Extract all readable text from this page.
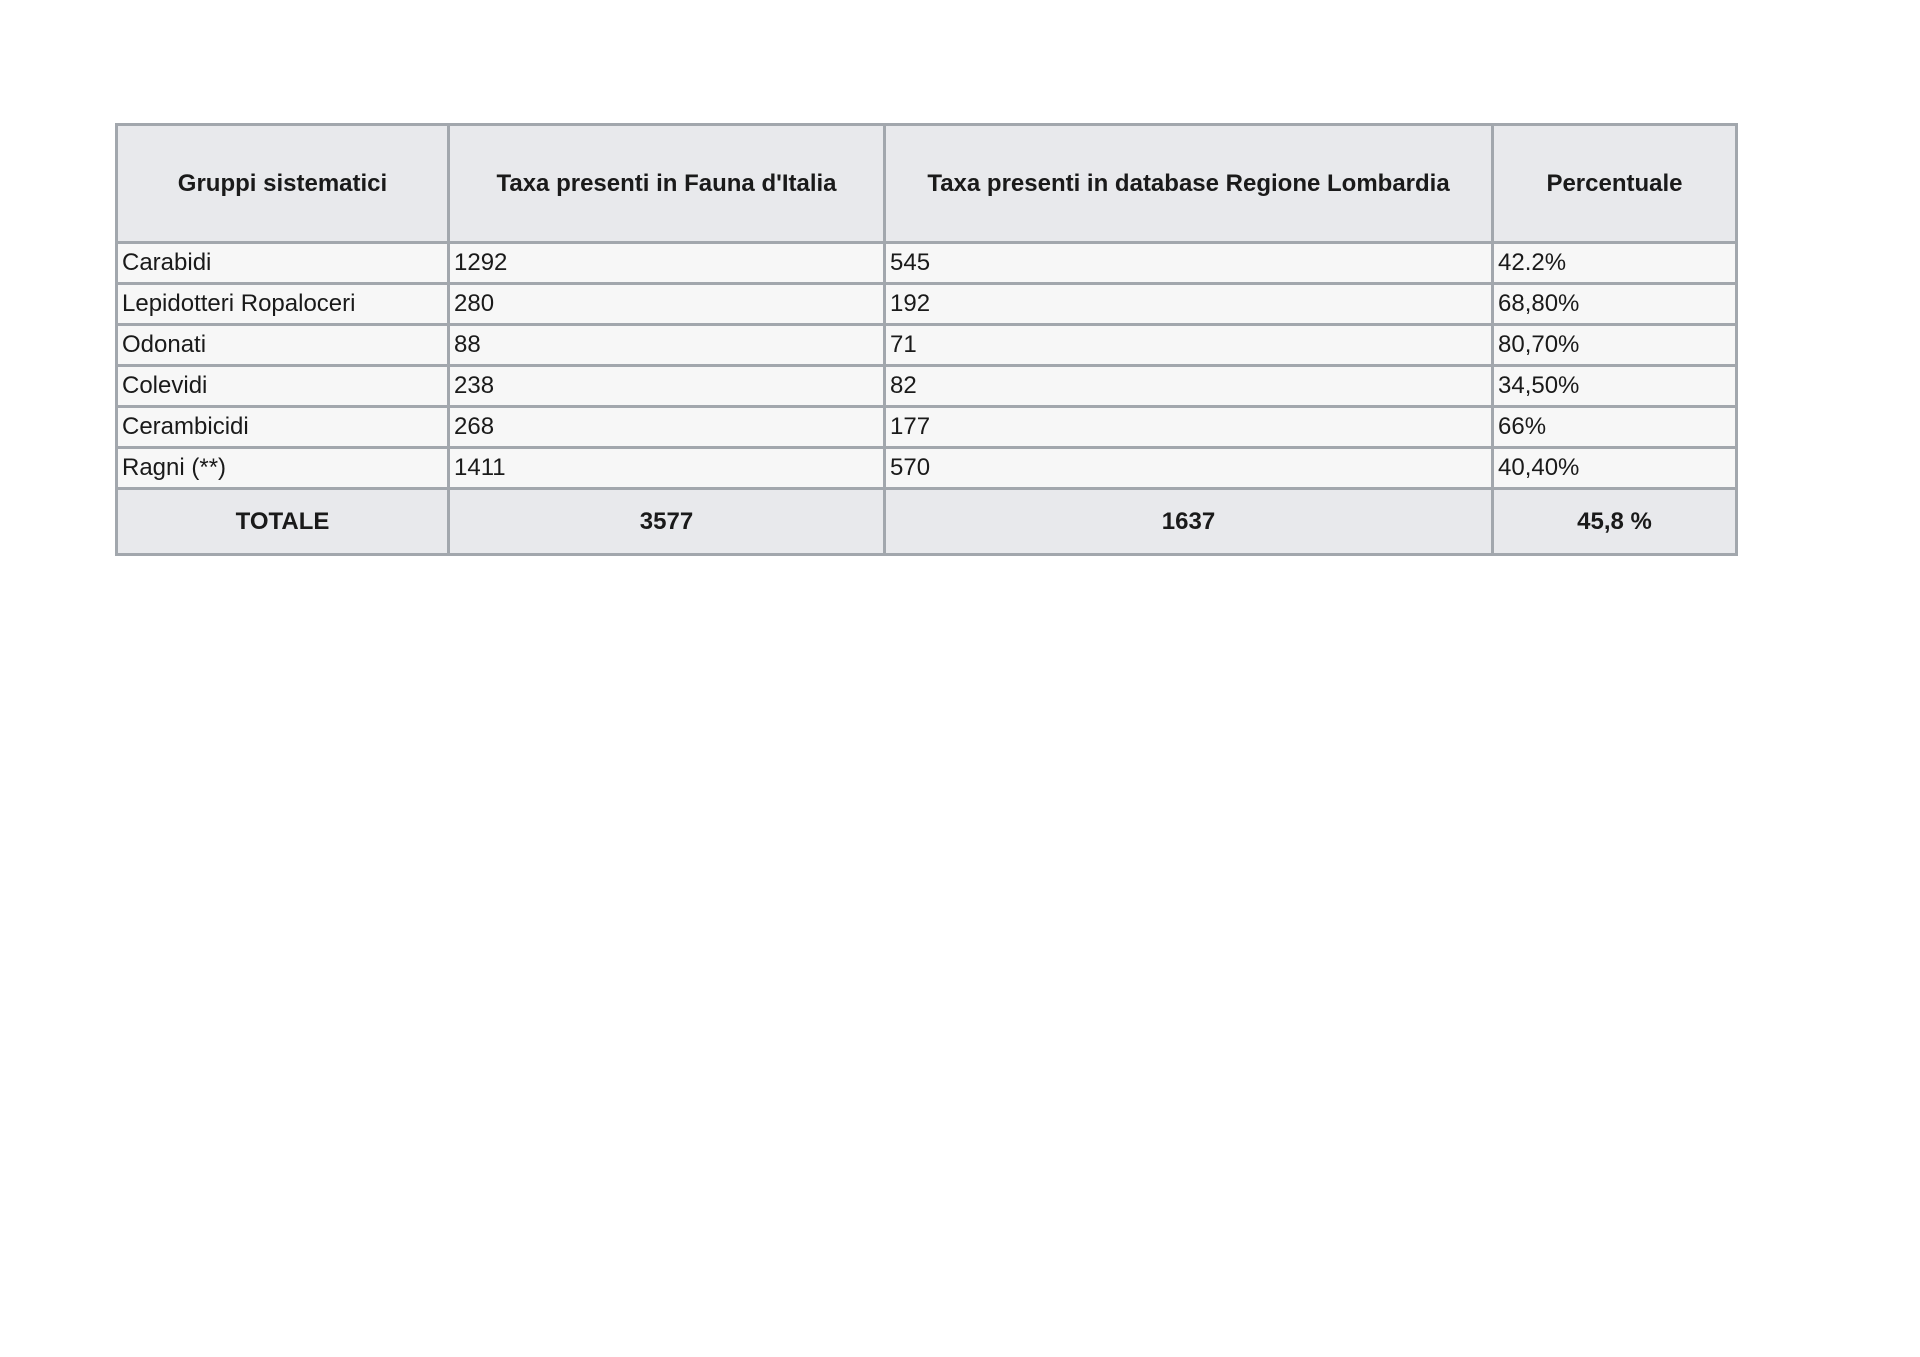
Gruppi sistematici	Taxa presenti in Fauna d'Italia	Taxa presenti in database Regione Lombardia	Percentuale
Carabidi	1292	545	42.2%
Lepidotteri Ropaloceri	280	192	68,80%
Odonati	88	71	80,70%
Colevidi	238	82	34,50%
Cerambicidi	268	177	66%
Ragni (**)	1411	570	40,40%
TOTALE	3577	1637	45,8 %
